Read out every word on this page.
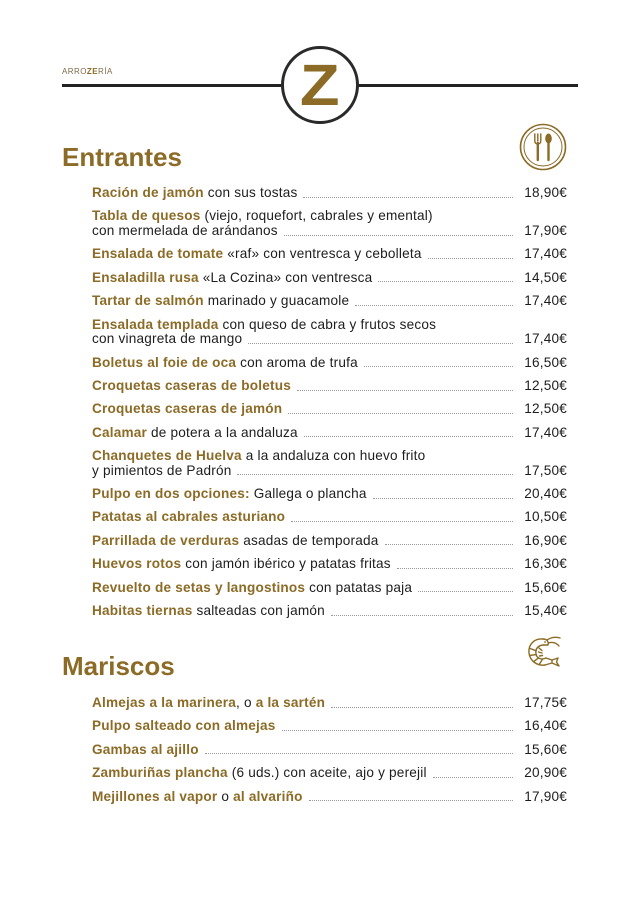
ARROZERÍA	Z
Entrantes
Ración de jamón con sus tostas	18,90€
Tabla de quesos (viejo, roquefort, cabrales y emental)
con mermelada de arándanos	17,90€
Ensalada de tomate «raf» con ventresca y cebolleta	17,40€
Ensaladilla rusa «La Cozina» con ventresca	14,50€
Tartar de salmón marinado y guacamole	17,40€
Ensalada templada con queso de cabra y frutos secos
con vinagreta de mango	17,40€
Boletus al foie de oca con aroma de trufa	16,50€
Croquetas caseras de boletus	12,50€
Croquetas caseras de jamón	12,50€
Calamar de potera a la andaluza	17,40€
Chanquetes de Huelva a la andaluza con huevo frito
y pimientos de Padrón	17,50€
Pulpo en dos opciones: Gallega o plancha	20,40€
Patatas al cabrales asturiano	10,50€
Parrillada de verduras asadas de temporada	16,90€
Huevos rotos con jamón ibérico y patatas fritas	16,30€
Revuelto de setas y langostinos con patatas paja	15,60€
Habitas tiernas salteadas con jamón	15,40€
Mariscos
Almejas a la marinera, o a la sartén	17,75€
Pulpo salteado con almejas	16,40€
Gambas al ajillo	15,60€
Zamburiñas plancha (6 uds.) con aceite, ajo y perejil	20,90€
Mejillones al vapor o al alvariño	17,90€
